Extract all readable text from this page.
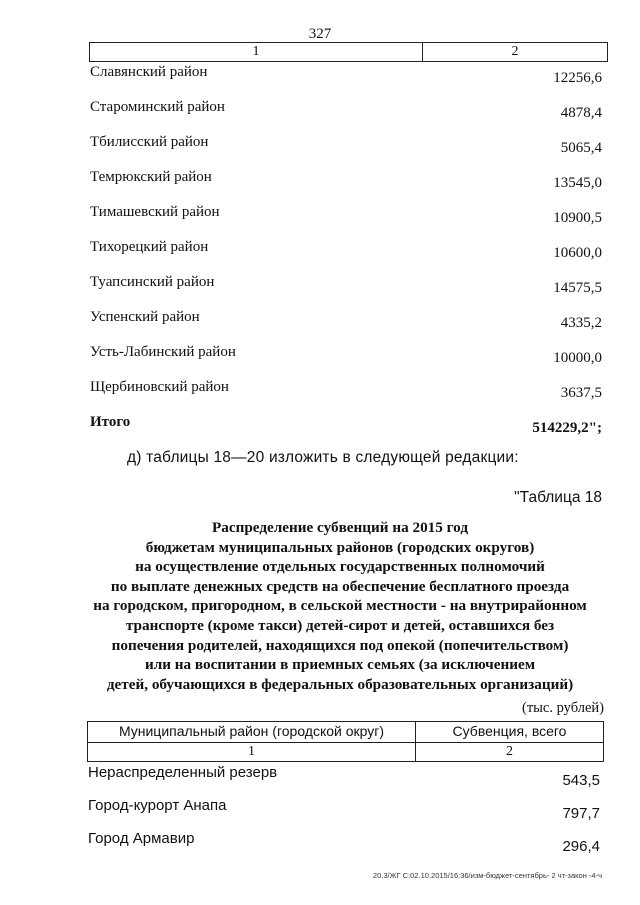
327
1	2
Славянский район	12256,6
Староминский район	4878,4
Тбилисский район	5065,4
Темрюкский район	13545,0
Тимашевский район	10900,5
Тихорецкий район	10600,0
Туапсинский район	14575,5
Успенский район	4335,2
Усть-Лабинский район	10000,0
Щербиновский район	3637,5
Итого	514229,2";
д) таблицы 18—20 изложить в следующей редакции:
"Таблица 18
Распределение субвенций на 2015 год
бюджетам муниципальных районов (городских округов)
на осуществление отдельных государственных полномочий
по выплате денежных средств на обеспечение бесплатного проезда
на городском, пригородном, в сельской местности - на внутрирайонном
транспорте (кроме такси) детей-сирот и детей, оставшихся без
попечения родителей, находящихся под опекой (попечительством)
или на воспитании в приемных семьях (за исключением
детей, обучающихся в федеральных образовательных организаций)
(тыс. рублей)
Муниципальный район (городской округ)	Субвенция, всего
1	2
Нераспределенный резерв	543,5
Город-курорт Анапа	797,7
Город Армавир	296,4
20.3/ЖГ С:02.10.2015/16:36/изм-бюджет-сентябрь- 2 чт-закон -4-ч
